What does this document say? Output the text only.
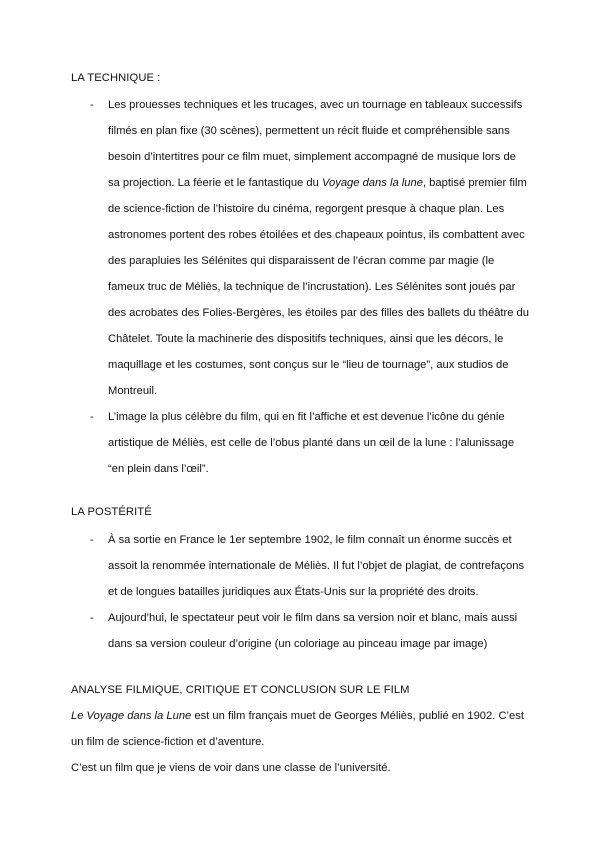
LA TECHNIQUE :
-	Les prouesses techniques et les trucages, avec un tournage en tableaux successifs
filmés en plan fixe (30 scènes), permettent un récit fluide et compréhensible sans
besoin d’intertitres pour ce film muet, simplement accompagné de musique lors de
sa projection. La féerie et le fantastique du Voyage dans la lune, baptisé premier film
de science-fiction de l’histoire du cinéma, regorgent presque à chaque plan. Les
astronomes portent des robes étoilées et des chapeaux pointus, ils combattent avec
des parapluies les Sélénites qui disparaissent de l’écran comme par magie (le
fameux truc de Méliès, la technique de l’incrustation). Les Sélénites sont joués par
des acrobates des Folies-Bergères, les étoiles par des filles des ballets du théâtre du
Châtelet. Toute la machinerie des dispositifs techniques, ainsi que les décors, le
maquillage et les costumes, sont conçus sur le “lieu de tournage”, aux studios de
Montreuil.
-	L’image la plus célèbre du film, qui en fit l’affiche et est devenue l’icône du génie
artistique de Méliès, est celle de l’obus planté dans un œil de la lune : l’alunissage
“en plein dans l’œil”.
LA POSTÉRITÉ
-	À sa sortie en France le 1er septembre 1902, le film connaît un énorme succès et
assoit la renommée internationale de Méliès. Il fut l’objet de plagiat, de contrefaçons
et de longues batailles juridiques aux États-Unis sur la propriété des droits.
-	Aujourd’hui, le spectateur peut voir le film dans sa version noir et blanc, mais aussi
dans sa version couleur d’origine (un coloriage au pinceau image par image)
ANALYSE FILMIQUE, CRITIQUE ET CONCLUSION SUR LE FILM
Le Voyage dans la Lune est un film français muet de Georges Méliès, publié en 1902. C’est
un film de science-fiction et d’aventure.
C’est un film que je viens de voir dans une classe de l’université.
